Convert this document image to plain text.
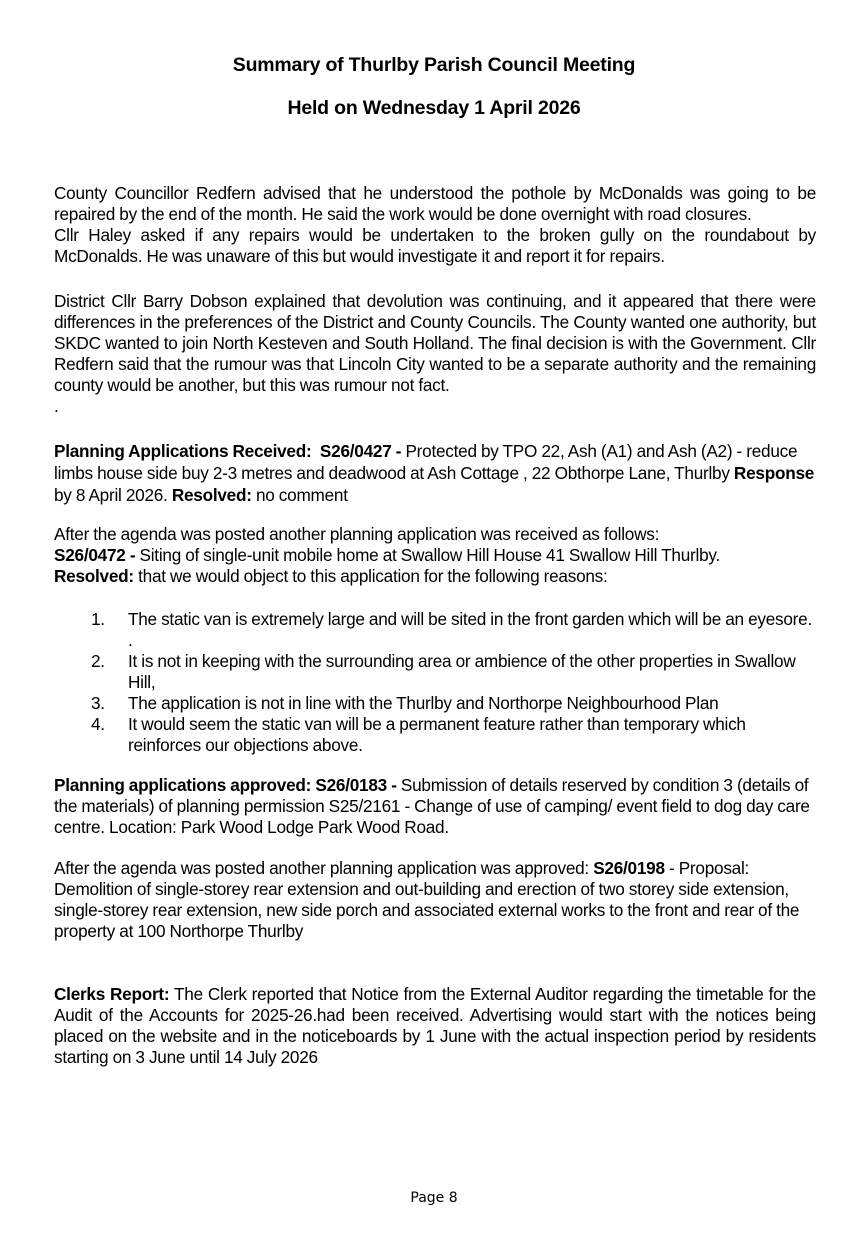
Summary of Thurlby Parish Council Meeting
Held on Wednesday 1 April 2026

County Councillor Redfern advised that he understood the pothole by McDonalds was going to be repaired by the end of the month. He said the work would be done overnight with road closures.

Cllr Haley asked if any repairs would be undertaken to the broken gully on the roundabout by McDonalds. He was unaware of this but would investigate it and report it for repairs.

District Cllr Barry Dobson explained that devolution was continuing, and it appeared that there were differences in the preferences of the District and County Councils. The County wanted one authority, but SKDC wanted to join North Kesteven and South Holland. The final decision is with the Government. Cllr Redfern said that the rumour was that Lincoln City wanted to be a separate authority and the remaining county would be another, but this was rumour not fact.

.

Planning Applications Received: S26/0427 - Protected by TPO 22, Ash (A1) and Ash (A2) - reduce limbs house side buy 2-3 metres and deadwood at Ash Cottage , 22 Obthorpe Lane, Thurlby Response by 8 April 2026. Resolved: no comment

After the agenda was posted another planning application was received as follows:

S26/0472 - Siting of single-unit mobile home at Swallow Hill House 41 Swallow Hill Thurlby.

Resolved: that we would object to this application for the following reasons:

1. The static van is extremely large and will be sited in the front garden which will be an eyesore. .
2. It is not in keeping with the surrounding area or ambience of the other properties in Swallow Hill,
3. The application is not in line with the Thurlby and Northorpe Neighbourhood Plan
4. It would seem the static van will be a permanent feature rather than temporary which reinforces our objections above.

Planning applications approved: S26/0183 - Submission of details reserved by condition 3 (details of the materials) of planning permission S25/2161 - Change of use of camping/ event field to dog day care centre. Location: Park Wood Lodge Park Wood Road.

After the agenda was posted another planning application was approved: S26/0198 - Proposal: Demolition of single-storey rear extension and out-building and erection of two storey side extension, single-storey rear extension, new side porch and associated external works to the front and rear of the property at 100 Northorpe Thurlby

Clerks Report: The Clerk reported that Notice from the External Auditor regarding the timetable for the Audit of the Accounts for 2025-26.had been received. Advertising would start with the notices being placed on the website and in the noticeboards by 1 June with the actual inspection period by residents starting on 3 June until 14 July 2026

Page 8
